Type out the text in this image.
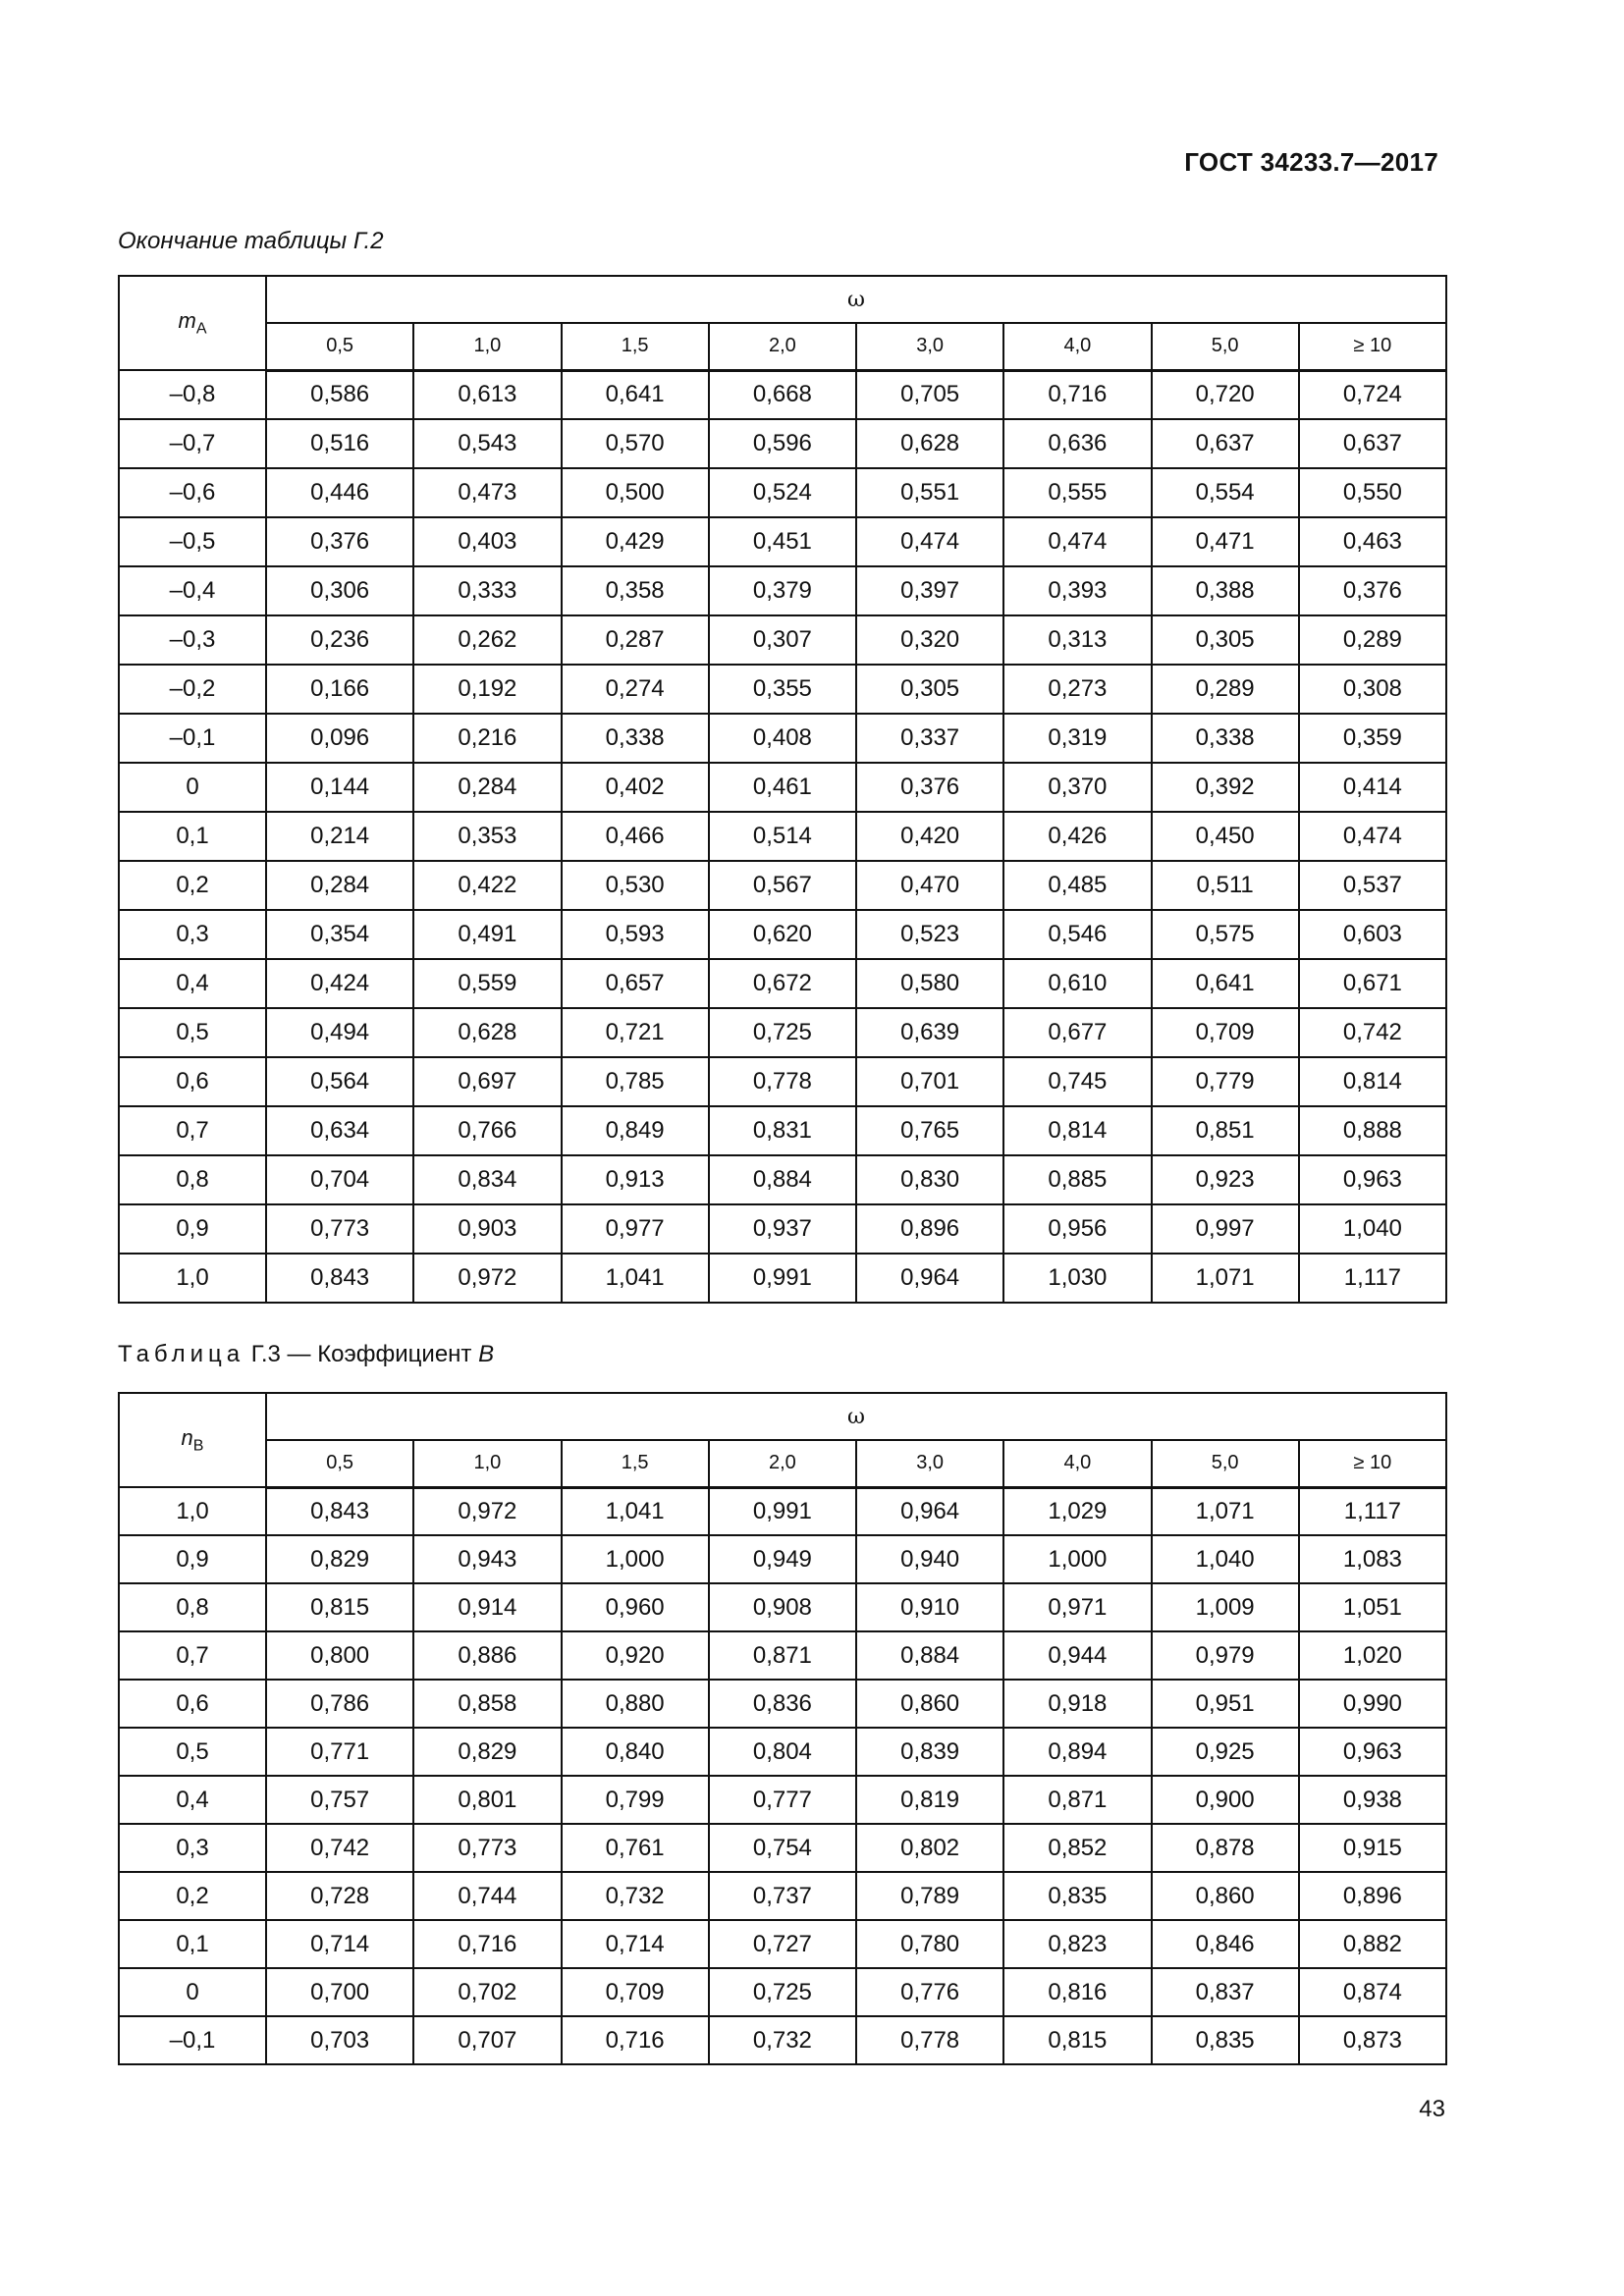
ГОСТ 34233.7—2017
Окончание таблицы Г.2
$m_A$	ω							
	0,5	1,0	1,5	2,0	3,0	4,0	5,0	≥ 10
–0,8	0,586	0,613	0,641	0,668	0,705	0,716	0,720	0,724
–0,7	0,516	0,543	0,570	0,596	0,628	0,636	0,637	0,637
–0,6	0,446	0,473	0,500	0,524	0,551	0,555	0,554	0,550
–0,5	0,376	0,403	0,429	0,451	0,474	0,474	0,471	0,463
–0,4	0,306	0,333	0,358	0,379	0,397	0,393	0,388	0,376
–0,3	0,236	0,262	0,287	0,307	0,320	0,313	0,305	0,289
–0,2	0,166	0,192	0,274	0,355	0,305	0,273	0,289	0,308
–0,1	0,096	0,216	0,338	0,408	0,337	0,319	0,338	0,359
0	0,144	0,284	0,402	0,461	0,376	0,370	0,392	0,414
0,1	0,214	0,353	0,466	0,514	0,420	0,426	0,450	0,474
0,2	0,284	0,422	0,530	0,567	0,470	0,485	0,511	0,537
0,3	0,354	0,491	0,593	0,620	0,523	0,546	0,575	0,603
0,4	0,424	0,559	0,657	0,672	0,580	0,610	0,641	0,671
0,5	0,494	0,628	0,721	0,725	0,639	0,677	0,709	0,742
0,6	0,564	0,697	0,785	0,778	0,701	0,745	0,779	0,814
0,7	0,634	0,766	0,849	0,831	0,765	0,814	0,851	0,888
0,8	0,704	0,834	0,913	0,884	0,830	0,885	0,923	0,963
0,9	0,773	0,903	0,977	0,937	0,896	0,956	0,997	1,040
1,0	0,843	0,972	1,041	0,991	0,964	1,030	1,071	1,117
Таблица Г.3 — Коэффициент B
$n_B$	ω							
	0,5	1,0	1,5	2,0	3,0	4,0	5,0	≥ 10
1,0	0,843	0,972	1,041	0,991	0,964	1,029	1,071	1,117
0,9	0,829	0,943	1,000	0,949	0,940	1,000	1,040	1,083
0,8	0,815	0,914	0,960	0,908	0,910	0,971	1,009	1,051
0,7	0,800	0,886	0,920	0,871	0,884	0,944	0,979	1,020
0,6	0,786	0,858	0,880	0,836	0,860	0,918	0,951	0,990
0,5	0,771	0,829	0,840	0,804	0,839	0,894	0,925	0,963
0,4	0,757	0,801	0,799	0,777	0,819	0,871	0,900	0,938
0,3	0,742	0,773	0,761	0,754	0,802	0,852	0,878	0,915
0,2	0,728	0,744	0,732	0,737	0,789	0,835	0,860	0,896
0,1	0,714	0,716	0,714	0,727	0,780	0,823	0,846	0,882
0	0,700	0,702	0,709	0,725	0,776	0,816	0,837	0,874
–0,1	0,703	0,707	0,716	0,732	0,778	0,815	0,835	0,873
43
